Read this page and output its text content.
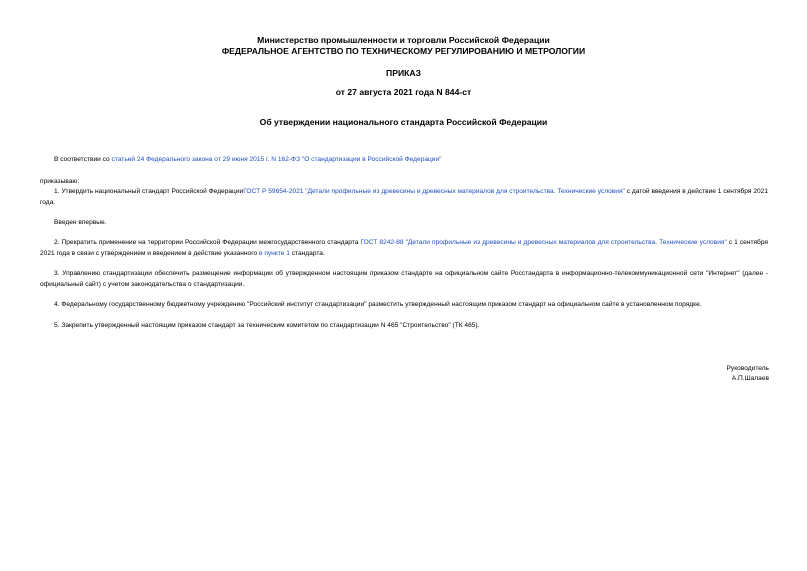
Министерство промышленности и торговли Российской Федерации
ФЕДЕРАЛЬНОЕ АГЕНТСТВО ПО ТЕХНИЧЕСКОМУ РЕГУЛИРОВАНИЮ И МЕТРОЛОГИИ
ПРИКАЗ
от 27 августа 2021 года N 844-ст
Об утверждении национального стандарта Российской Федерации
В соответствии со статьей 24 Федерального закона от 29 июня 2015 г. N 162-ФЗ "О стандартизации в Российской Федерации"
приказываю:
1. Утвердить национальный стандарт Российской ФедерацииГОСТ Р 59654-2021 "Детали профильные из древесины и древесных материалов для строительства. Технические условия" с датой введения в действие 1 сентября 2021 года.
Введен впервые.
2. Прекратить применение на территории Российской Федерации межгосударственного стандарта ГОСТ 8242-88 "Детали профильные из древесины и древесных материалов для строительства. Технические условия" с 1 сентября 2021 года в связи с утверждением и введением в действие указанного в пункте 1 стандарта.
3. Управлению стандартизации обеспечить размещение информации об утвержденном настоящим приказом стандарте на официальном сайте Росстандарта в информационно-телекоммуникационной сети "Интернет" (далее - официальный сайт) с учетом законодательства о стандартизации.
4. Федеральному государственному бюджетному учреждению "Российский институт стандартизации" разместить утвержденный настоящим приказом стандарт на официальном сайте в установленном порядке.
5. Закрепить утвержденный настоящим приказом стандарт за техническим комитетом по стандартизации N 465 "Строительство" (ТК 465).
Руководитель
А.П.Шалаев
